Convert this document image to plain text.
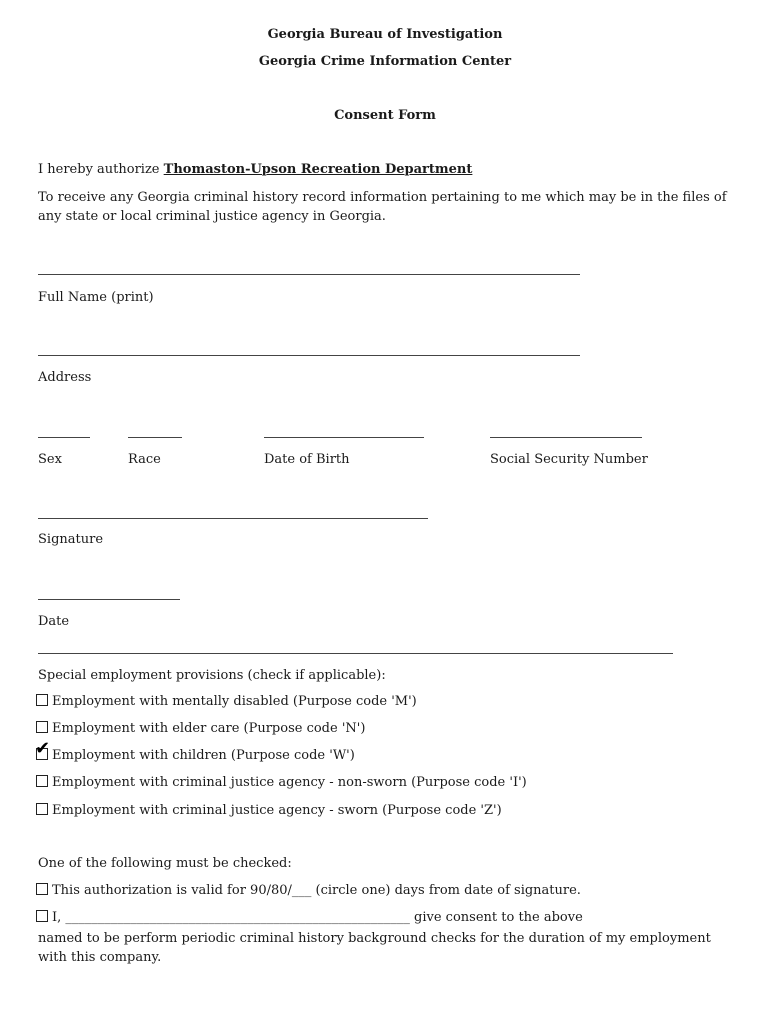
Georgia Bureau of Investigation
Georgia Crime Information Center
Consent Form
I hereby authorize Thomaston-Upson Recreation Department
To receive any Georgia criminal history record information pertaining to me which may be in the files of any state or local criminal justice agency in Georgia.
Full Name (print)
Address
Sex	Race	Date of Birth	Social Security Number
Signature
Date
Special employment provisions (check if applicable):
Employment with mentally disabled (Purpose code 'M')
Employment with elder care (Purpose code 'N')
✔ Employment with children (Purpose code 'W')
Employment with criminal justice agency - non-sworn (Purpose code 'I')
Employment with criminal justice agency - sworn (Purpose code 'Z')
One of the following must be checked:
This authorization is valid for 90/80/___ (circle one) days from date of signature.
I, _____________________________________________________ give consent to the above
named to be perform periodic criminal history background checks for the duration of my employment with this company.
